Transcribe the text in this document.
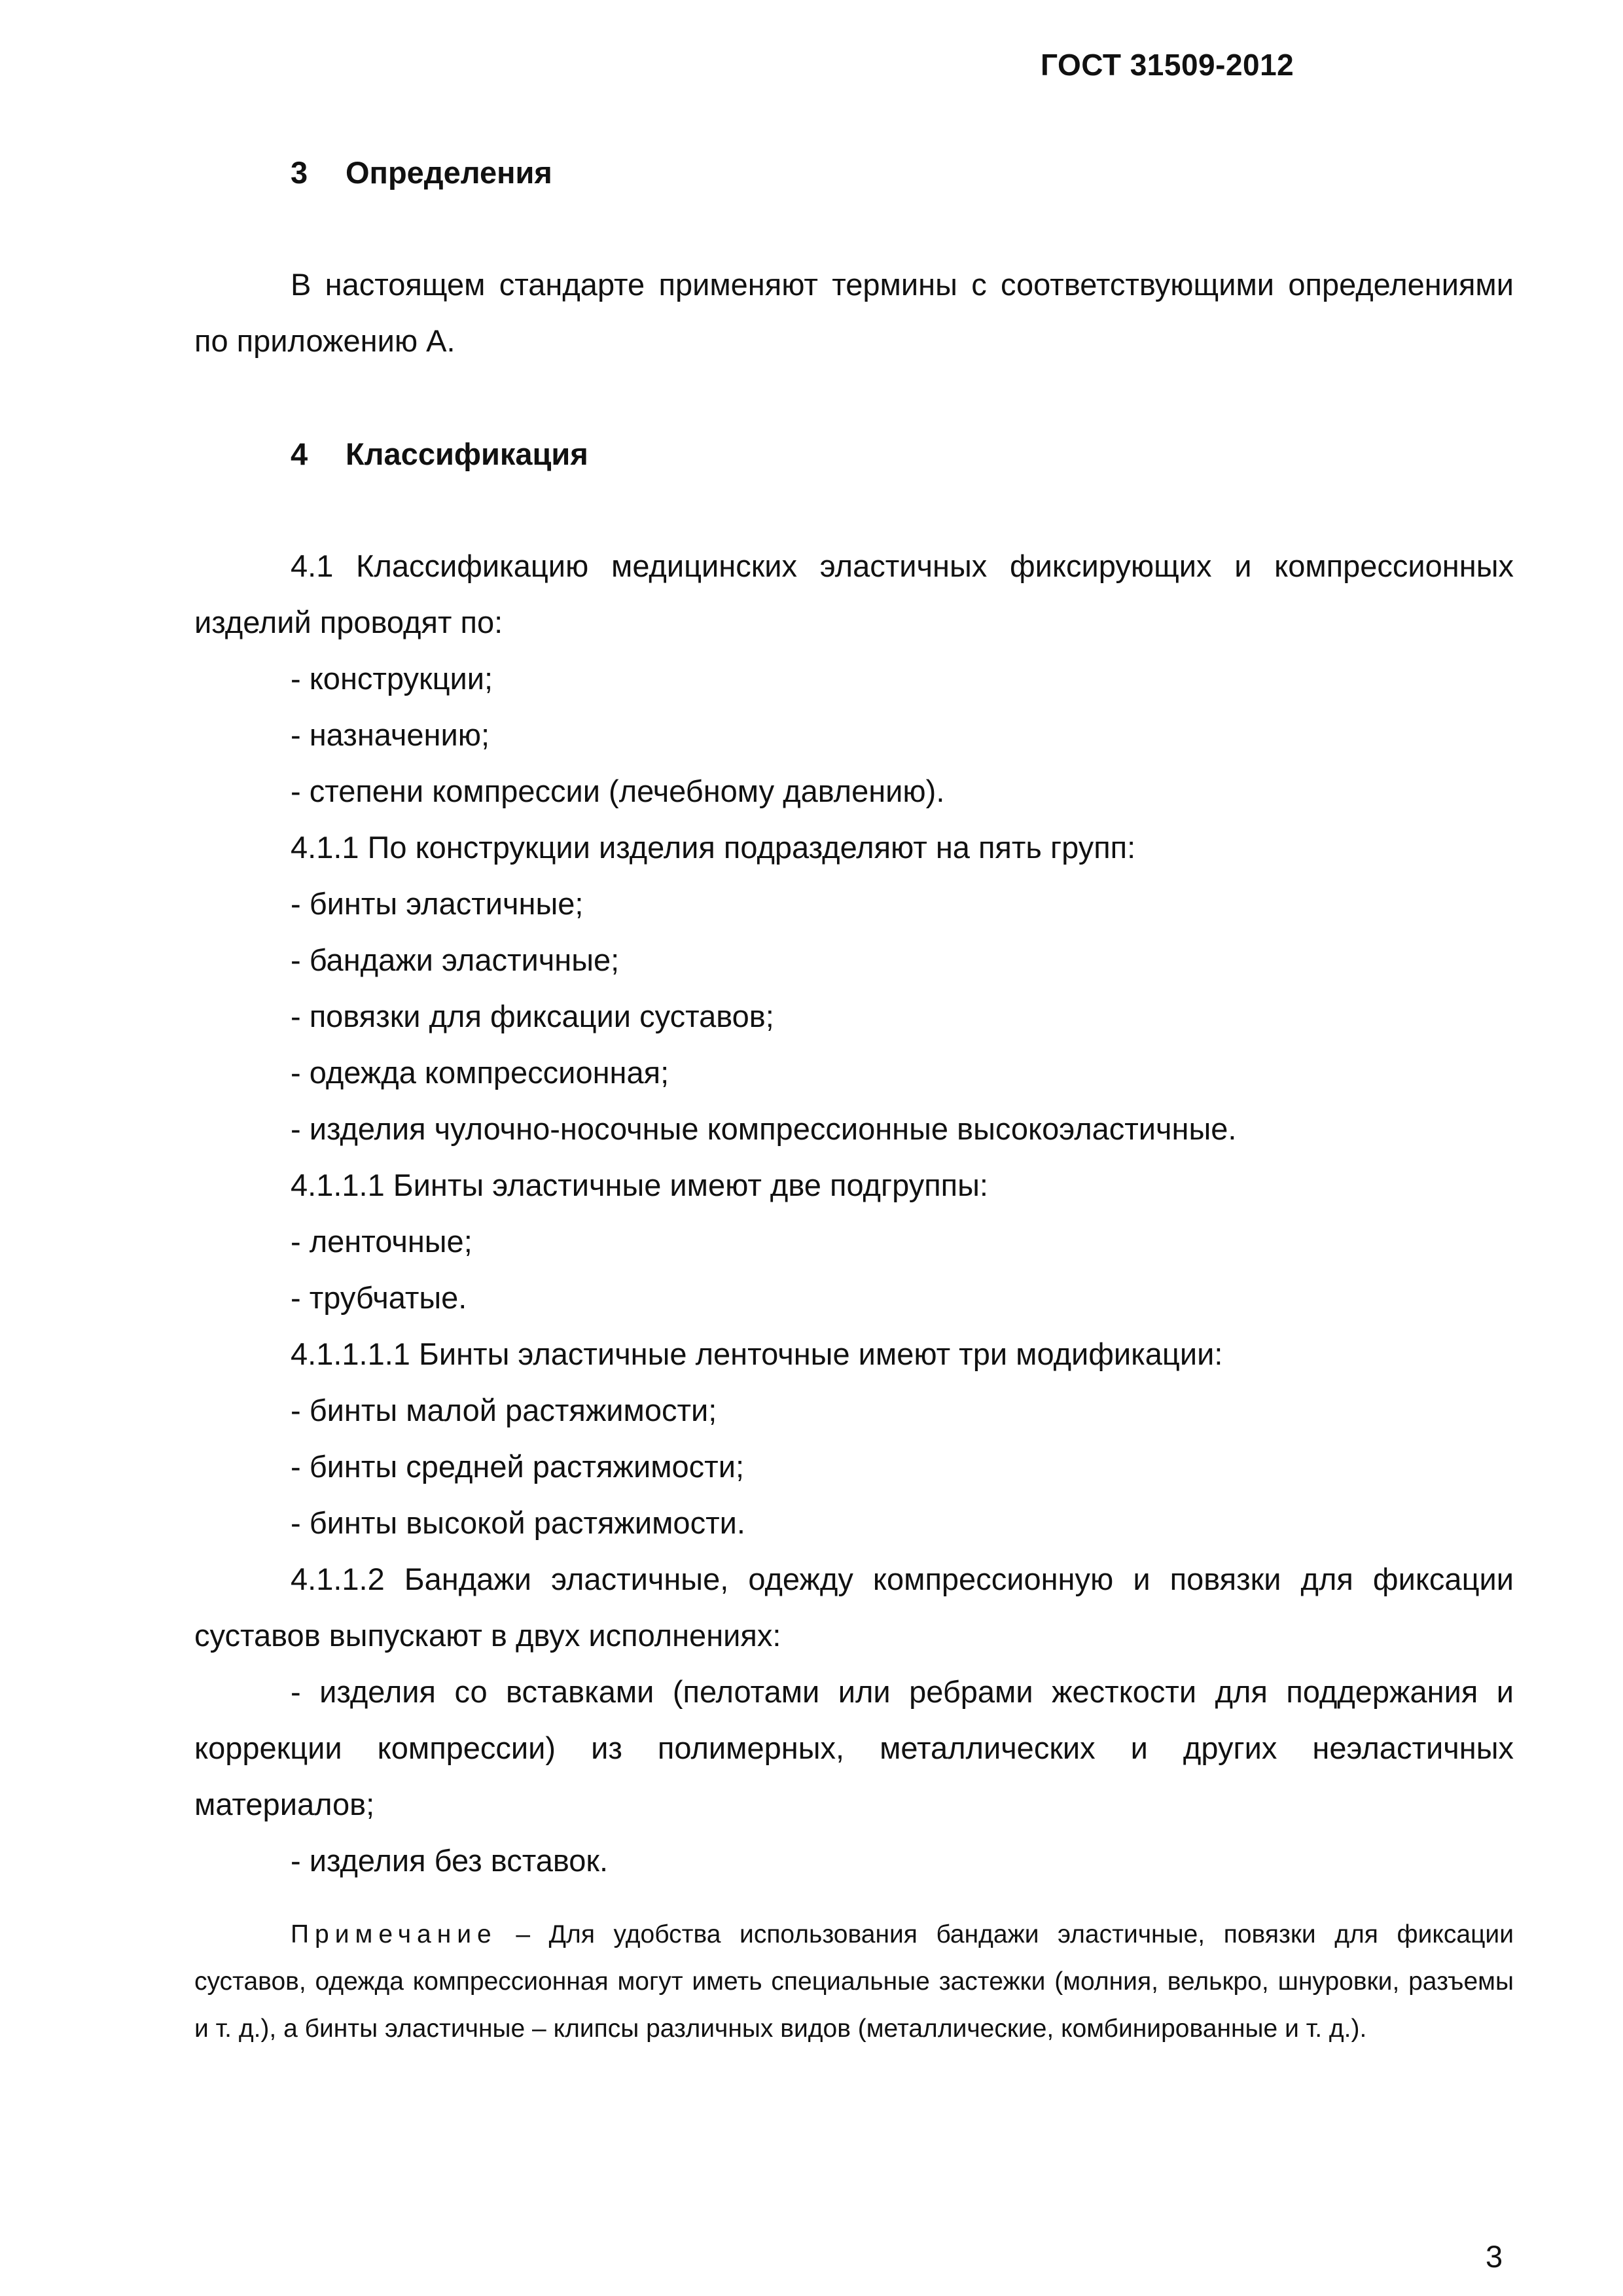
ГОСТ 31509-2012
3 Определения

В настоящем стандарте применяют термины с соответствующими определениями по приложению А.

4 Классификация

4.1 Классификацию медицинских эластичных фиксирующих и компрессионных изделий проводят по:

- конструкции;
- назначению;
- степени компрессии (лечебному давлению).

4.1.1 По конструкции изделия подразделяют на пять групп:

- бинты эластичные;
- бандажи эластичные;
- повязки для фиксации суставов;
- одежда компрессионная;
- изделия чулочно-носочные компрессионные высокоэластичные.

4.1.1.1 Бинты эластичные имеют две подгруппы:

- ленточные;
- трубчатые.

4.1.1.1.1 Бинты эластичные ленточные имеют три модификации:

- бинты малой растяжимости;
- бинты средней растяжимости;
- бинты высокой растяжимости.

4.1.1.2 Бандажи эластичные, одежду компрессионную и повязки для фиксации суставов выпускают в двух исполнениях:

- изделия со вставками (пелотами или ребрами жесткости для поддержания и коррекции компрессии) из полимерных, металлических и других неэластичных материалов;

- изделия без вставок.

Примечание – Для удобства использования бандажи эластичные, повязки для фиксации суставов, одежда компрессионная могут иметь специальные застежки (молния, велькро, шнуровки, разъемы и т. д.), а бинты эластичные – клипсы различных видов (металлические, комбинированные и т. д.).

3
